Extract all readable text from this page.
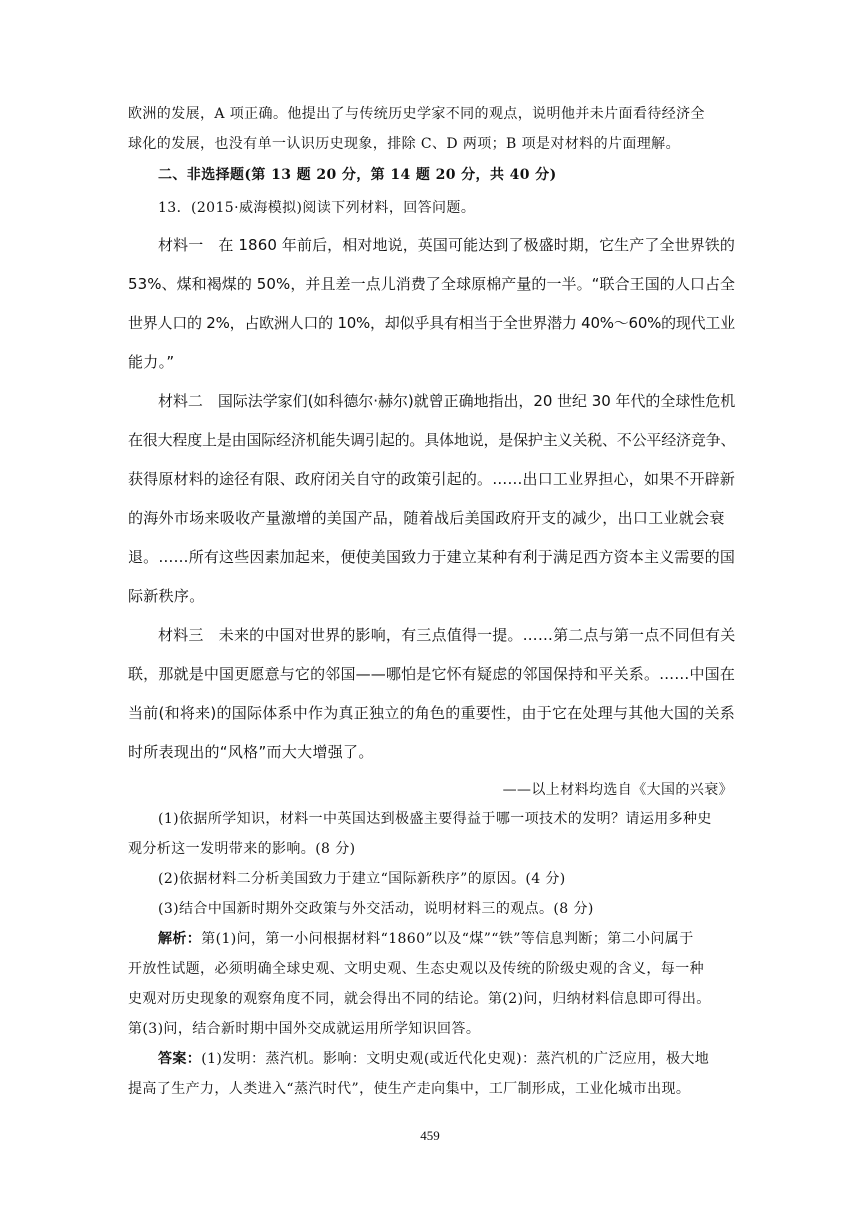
欧洲的发展，A 项正确。他提出了与传统历史学家不同的观点，说明他并未片面看待经济全
球化的发展，也没有单一认识历史现象，排除 C、D 两项；B 项是对材料的片面理解。
二、非选择题(第 13 题 20 分，第 14 题 20 分，共 40 分)
13．(2015·威海模拟)阅读下列材料，回答问题。
材料一　在 1860 年前后，相对地说，英国可能达到了极盛时期，它生产了全世界铁的
53%、煤和褐煤的 50%，并且差一点儿消费了全球原棉产量的一半。“联合王国的人口占全
世界人口的 2%，占欧洲人口的 10%，却似乎具有相当于全世界潜力 40%～60%的现代工业
能力。”
材料二　国际法学家们(如科德尔·赫尔)就曾正确地指出，20 世纪 30 年代的全球性危机
在很大程度上是由国际经济机能失调引起的。具体地说，是保护主义关税、不公平经济竞争、
获得原材料的途径有限、政府闭关自守的政策引起的。……出口工业界担心，如果不开辟新
的海外市场来吸收产量激增的美国产品，随着战后美国政府开支的减少，出口工业就会衰
退。……所有这些因素加起来，便使美国致力于建立某种有利于满足西方资本主义需要的国
际新秩序。
材料三　未来的中国对世界的影响，有三点值得一提。……第二点与第一点不同但有关
联，那就是中国更愿意与它的邻国——哪怕是它怀有疑虑的邻国保持和平关系。……中国在
当前(和将来)的国际体系中作为真正独立的角色的重要性，由于它在处理与其他大国的关系
时所表现出的“风格”而大大增强了。
——以上材料均选自《大国的兴衰》
(1)依据所学知识，材料一中英国达到极盛主要得益于哪一项技术的发明？请运用多种史
观分析这一发明带来的影响。(8 分)
(2)依据材料二分析美国致力于建立“国际新秩序”的原因。(4 分)
(3)结合中国新时期外交政策与外交活动，说明材料三的观点。(8 分)
解析：第(1)问，第一小问根据材料“1860”以及“煤”“铁”等信息判断；第二小问属于
开放性试题，必须明确全球史观、文明史观、生态史观以及传统的阶级史观的含义，每一种
史观对历史现象的观察角度不同，就会得出不同的结论。第(2)问，归纳材料信息即可得出。
第(3)问，结合新时期中国外交成就运用所学知识回答。
答案：(1)发明：蒸汽机。影响：文明史观(或近代化史观)：蒸汽机的广泛应用，极大地
提高了生产力，人类进入“蒸汽时代”，使生产走向集中，工厂制形成，工业化城市出现。
459
